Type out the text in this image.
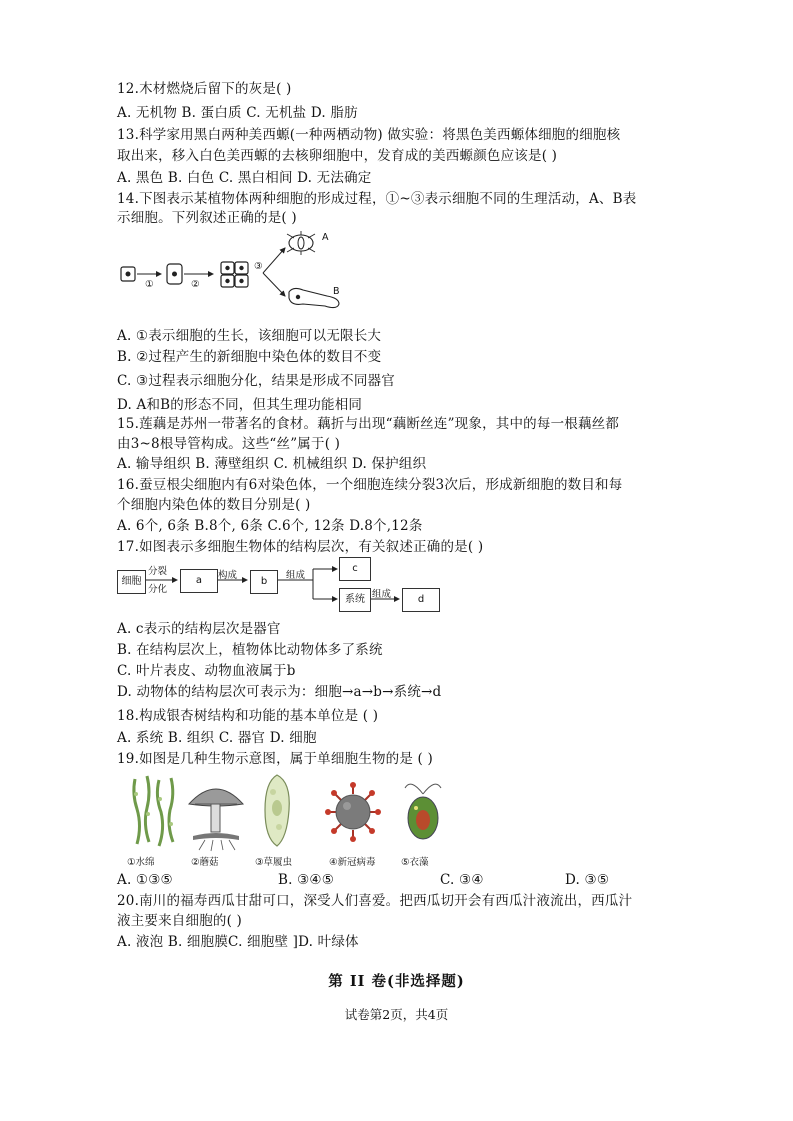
12.木材燃烧后留下的灰是( )
A. 无机物 B. 蛋白质 C. 无机盐 D. 脂肪
13.科学家用黑白两种美西螈(一种两栖动物) 做实验：将黑色美西螈体细胞的细胞核
取出来，移入白色美西螈的去核卵细胞中，发育成的美西螈颜色应该是( )
A. 黑色 B. 白色 C. 黑白相间 D. 无法确定
14.下图表示某植物体两种细胞的形成过程，①~③表示细胞不同的生理活动，A、B表
示细胞。下列叙述正确的是( )
①	②
③
A
B
A. ①表示细胞的生长，该细胞可以无限长大
B. ②过程产生的新细胞中染色体的数目不变
C. ③过程表示细胞分化，结果是形成不同器官
D. A和B的形态不同，但其生理功能相同
15.莲藕是苏州一带著名的食材。藕折与出现“藕断丝连”现象，其中的每一根藕丝都
由3~8根导管构成。这些“丝”属于( )
A. 输导组织 B. 薄壁组织 C. 机械组织 D. 保护组织
16.蚕豆根尖细胞内有6对染色体，一个细胞连续分裂3次后，形成新细胞的数目和每
个细胞内染色体的数目分别是( )
A. 6个, 6条 B.8个, 6条 C.6个, 12条 D.8个,12条
17.如图表示多细胞生物体的结构层次，有关叙述正确的是( )
细胞
分裂
分化
a	构成
b
组成
c
系统 组成	d
A. c表示的结构层次是器官
B. 在结构层次上，植物体比动物体多了系统
C. 叶片表皮、动物血液属于b
D. 动物体的结构层次可表示为：细胞→a→b→系统→d
18.构成银杏树结构和功能的基本单位是 ( )
A. 系统 B. 组织 C. 器官 D. 细胞
19.如图是几种生物示意图，属于单细胞生物的是 ( )
①水绵	②蘑菇	③草履虫	④新冠病毒	⑤衣藻
A. ①③⑤	B. ③④⑤	C. ③④	D. ③⑤
20.南川的福寿西瓜甘甜可口，深受人们喜爱。把西瓜切开会有西瓜汁液流出，西瓜汁
液主要来自细胞的( )
A. 液泡 B. 细胞膜C. 细胞壁 ]D. 叶绿体
第 II 卷(非选择题)
试卷第2页，共4页
